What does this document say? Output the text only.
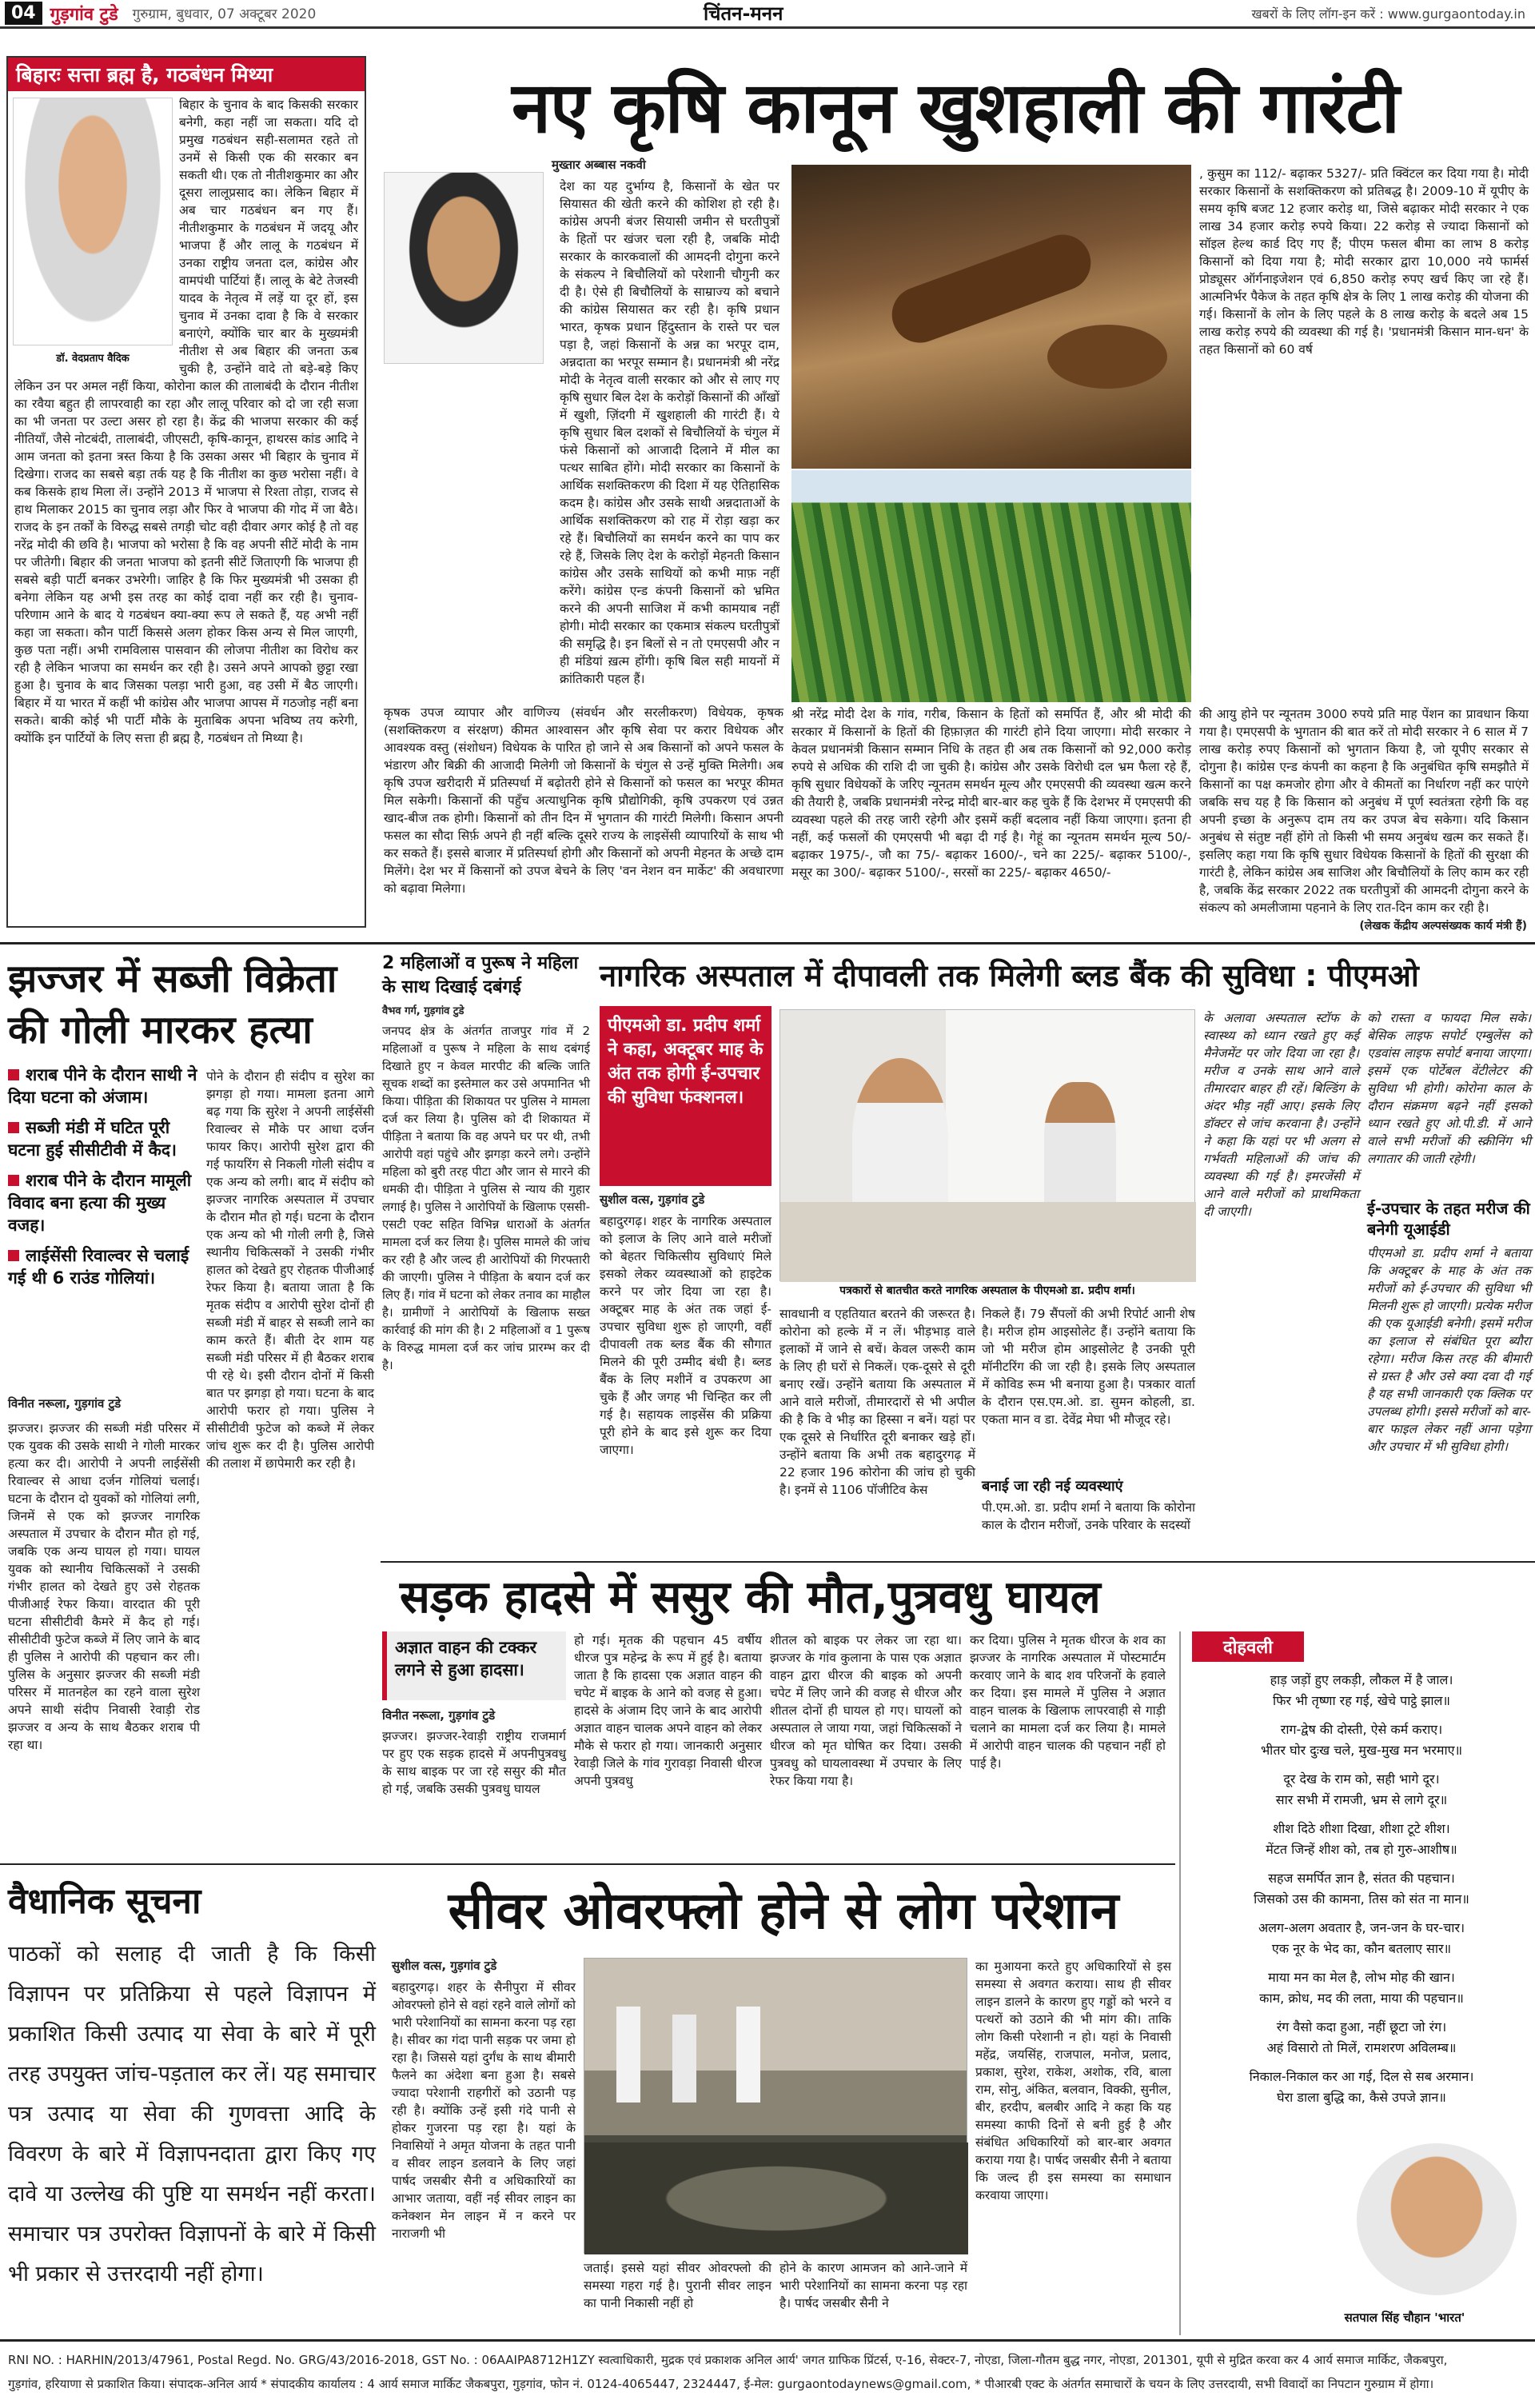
04 गुड़गांव टुडे गुरुग्राम, बुधवार, 07 अक्टूबर 2020	चिंतन-मनन	खबरों के लिए लॉग-इन करें : www.gurgaontoday.in
बिहारः सत्ता ब्रह्म है, गठबंधन मिथ्या
डॉ. वेदप्रताप वैदिक

बिहार के चुनाव के बाद किसकी सरकार बनेगी, कहा नहीं जा सकता। यदि दो प्रमुख गठबंधन सही-सलामत रहते तो उनमें से किसी एक की सरकार बन सकती थी। एक तो नीतीशकुमार का और दूसरा लालूप्रसाद का। लेकिन बिहार में अब चार गठबंधन बन गए हैं। नीतीशकुमार के गठबंधन में जदयू और भाजपा हैं और लालू के गठबंधन में उनका राष्ट्रीय जनता दल, कांग्रेस और वामपंथी पार्टियां हैं। लालू के बेटे तेजस्वी यादव के नेतृत्व में लड़ें या दूर हों, इस चुनाव में उनका दावा है कि वे सरकार बनाएंगे, क्योंकि चार बार के मुख्यमंत्री नीतीश से अब बिहार की जनता ऊब चुकी है, उन्होंने वादे तो बड़े-बड़े किए लेकिन उन पर अमल नहीं किया, कोरोना काल की तालाबंदी के दौरान नीतीश का रवैया बहुत ही लापरवाही का रहा और लालू परिवार को दो जा रही सजा का भी जनता पर उल्टा असर हो रहा है। केंद्र की भाजपा सरकार की कई नीतियाँ, जैसे नोटबंदी, तालाबंदी, जीएसटी, कृषि-कानून, हाथरस कांड आदि ने आम जनता को इतना त्रस्त किया है कि उसका असर भी बिहार के चुनाव में दिखेगा। राजद का सबसे बड़ा तर्क यह है कि नीतीश का कुछ भरोसा नहीं। वे कब किसके हाथ मिला लें। उन्होंने 2013 में भाजपा से रिश्ता तोड़ा, राजद से हाथ मिलाकर 2015 का चुनाव लड़ा और फिर वे भाजपा की गोद में जा बैठे। राजद के इन तर्कों के विरुद्ध सबसे तगड़ी चोट वही दीवार अगर कोई है तो वह नरेंद्र मोदी की छवि है। भाजपा को भरोसा है कि वह अपनी सीटें मोदी के नाम पर जीतेगी। बिहार की जनता भाजपा को इतनी सीटें जिताएगी कि भाजपा ही सबसे बड़ी पार्टी बनकर उभरेगी। जाहिर है कि फिर मुख्यमंत्री भी उसका ही बनेगा लेकिन यह अभी इस तरह का कोई दावा नहीं कर रही है। चुनाव-परिणाम आने के बाद ये गठबंधन क्या-क्या रूप ले सकते हैं, यह अभी नहीं कहा जा सकता। कौन पार्टी किससे अलग होकर किस अन्य से मिल जाएगी, कुछ पता नहीं। अभी रामविलास पासवान की लोजपा नीतीश का विरोध कर रही है लेकिन भाजपा का समर्थन कर रही है। उसने अपने आपको छुट्टा रखा हुआ है। चुनाव के बाद जिसका पलड़ा भारी हुआ, वह उसी में बैठ जाएगी। बिहार में या भारत में कहीं भी कांग्रेस और भाजपा आपस में गठजोड़ नहीं बना सकते। बाकी कोई भी पार्टी मौके के मुताबिक अपना भविष्य तय करेगी, क्योंकि इन पार्टियों के लिए सत्ता ही ब्रह्म है, गठबंधन तो मिथ्या है।

नए कृषि कानून खुशहाली की गारंटी
मुख्तार अब्बास नकवी

देश का यह दुर्भाग्य है, किसानों के खेत पर सियासत की खेती करने की कोशिश हो रही है। कांग्रेस अपनी बंजर सियासी जमीन से घरतीपुत्रों के हितों पर खंजर चला रही है, जबकि मोदी सरकार के कारकवालों की आमदनी दोगुना करने के संकल्प ने बिचौलियों को परेशानी चौगुनी कर दी है। ऐसे ही बिचौलियों के साम्राज्य को बचाने की कांग्रेस सियासत कर रही है। कृषि प्रधान भारत, कृषक प्रधान हिंदुस्तान के रास्ते पर चल पड़ा है, जहां किसानों के अन्न का भरपूर दाम, अन्नदाता का भरपूर सम्मान है। प्रधानमंत्री श्री नरेंद्र मोदी के नेतृत्व वाली सरकार को और से लाए गए कृषि सुधार बिल देश के करोड़ों किसानों की आँखों में खुशी, ज़िंदगी में खुशहाली की गारंटी हैं। ये कृषि सुधार बिल दशकों से बिचौलियों के चंगुल में फंसे किसानों को आजादी दिलाने में मील का पत्थर साबित होंगे। मोदी सरकार का किसानों के आर्थिक सशक्तिकरण की दिशा में यह ऐतिहासिक कदम है। कांग्रेस और उसके साथी अन्नदाताओं के आर्थिक सशक्तिकरण को राह में रोड़ा खड़ा कर रहे हैं। बिचौलियों का समर्थन करने का पाप कर रहे हैं, जिसके लिए देश के करोड़ों मेहनती किसान कांग्रेस और उसके साथियों को कभी माफ़ नहीं करेंगे। कांग्रेस एन्ड कंपनी किसानों को भ्रमित करने की अपनी साजिश में कभी कामयाब नहीं होगी। मोदी सरकार का एकमात्र संकल्प घरतीपुत्रों की समृद्धि है। इन बिलों से न तो एमएसपी और न ही मंडियां ख़त्म होंगी। कृषि बिल सही मायनों में क्रांतिकारी पहल हैं।

, कुसुम का 112/- बढ़ाकर 5327/- प्रति क्विंटल कर दिया गया है। मोदी सरकार किसानों के सशक्तिकरण को प्रतिबद्ध है। 2009-10 में यूपीए के समय कृषि बजट 12 हजार करोड़ था, जिसे बढ़ाकर मोदी सरकार ने एक लाख 34 हजार करोड़ रुपये किया। 22 करोड़ से ज्यादा किसानों को सॉइल हेल्थ कार्ड दिए गए हैं; पीएम फसल बीमा का लाभ 8 करोड़ किसानों को दिया गया है; मोदी सरकार द्वारा 10,000 नये फार्मर्स प्रोड्यूसर ऑर्गनाइजेशन एवं 6,850 करोड़ रुपए खर्च किए जा रहे हैं। आत्मनिर्भर पैकेज के तहत कृषि क्षेत्र के लिए 1 लाख करोड़ की योजना की गई। किसानों के लोन के लिए पहले के 8 लाख करोड़ के बदले अब 15 लाख करोड़ रुपये की व्यवस्था की गई है। 'प्रधानमंत्री किसान मान-धन' के तहत किसानों को 60 वर्ष

कृषक उपज व्यापार और वाणिज्य (संवर्धन और सरलीकरण) विधेयक, कृषक (सशक्तिकरण व संरक्षण) कीमत आश्वासन और कृषि सेवा पर करार विधेयक और आवश्यक वस्तु (संशोधन) विधेयक के पारित हो जाने से अब किसानों को अपने फसल के भंडारण और बिक्री की आजादी मिलेगी जो किसानों के चंगुल से उन्हें मुक्ति मिलेगी। अब कृषि उपज खरीदारी में प्रतिस्पर्धा में बढ़ोतरी होने से किसानों को फसल का भरपूर कीमत मिल सकेगी। किसानों की पहुँच अत्याधुनिक कृषि प्रौद्योगिकी, कृषि उपकरण एवं उन्नत खाद-बीज तक होगी। किसानों को तीन दिन में भुगतान की गारंटी मिलेगी। किसान अपनी फसल का सौदा सिर्फ़ अपने ही नहीं बल्कि दूसरे राज्य के लाइसेंसी व्यापारियों के साथ भी कर सकते हैं। इससे बाजार में प्रतिस्पर्धा होगी और किसानों को अपनी मेहनत के अच्छे दाम मिलेंगे। देश भर में किसानों को उपज बेचने के लिए 'वन नेशन वन मार्केट' की अवधारणा को बढ़ावा मिलेगा।

श्री नरेंद्र मोदी देश के गांव, गरीब, किसान के हितों को समर्पित हैं, और श्री मोदी की सरकार में किसानों के हितों की हिफ़ाज़त की गारंटी होने दिया जाएगा। मोदी सरकार ने केवल प्रधानमंत्री किसान सम्मान निधि के तहत ही अब तक किसानों को 92,000 करोड़ रुपये से अधिक की राशि दी जा चुकी है। कांग्रेस और उसके विरोधी दल भ्रम फैला रहे हैं, कृषि सुधार विधेयकों के जरिए न्यूनतम समर्थन मूल्य और एमएसपी की व्यवस्था खत्म करने की तैयारी है, जबकि प्रधानमंत्री नरेन्द्र मोदी बार-बार कह चुके हैं कि देशभर में एमएसपी की व्यवस्था पहले की तरह जारी रहेगी और इसमें कहीं बदलाव नहीं किया जाएगा। इतना ही नहीं, कई फसलों की एमएसपी भी बढ़ा दी गई है। गेहूं का न्यूनतम समर्थन मूल्य 50/- बढ़ाकर 1975/-, जौ का 75/- बढ़ाकर 1600/-, चने का 225/- बढ़ाकर 5100/-, मसूर का 300/- बढ़ाकर 5100/-, सरसों का 225/- बढ़ाकर 4650/-

की आयु होने पर न्यूनतम 3000 रुपये प्रति माह पेंशन का प्रावधान किया गया है। एमएसपी के भुगतान की बात करें तो मोदी सरकार ने 6 साल में 7 लाख करोड़ रुपए किसानों को भुगतान किया है, जो यूपीए सरकार से दोगुना है। कांग्रेस एन्ड कंपनी का कहना है कि अनुबंधित कृषि समझौते में किसानों का पक्ष कमजोर होगा और वे कीमतों का निर्धारण नहीं कर पाएंगे जबकि सच यह है कि किसान को अनुबंध में पूर्ण स्वतंत्रता रहेगी कि वह अपनी इच्छा के अनुरूप दाम तय कर उपज बेच सकेगा। यदि किसान अनुबंध से संतुष्ट नहीं होंगे तो किसी भी समय अनुबंध खत्म कर सकते हैं। इसलिए कहा गया कि कृषि सुधार विधेयक किसानों के हितों की सुरक्षा की गारंटी है, लेकिन कांग्रेस अब साजिश और बिचौलियों के लिए काम कर रही है, जबकि केंद्र सरकार 2022 तक घरतीपुत्रों की आमदनी दोगुना करने के संकल्प को अमलीजामा पहनाने के लिए रात-दिन काम कर रही है।

(लेखक केंद्रीय अल्पसंख्यक कार्य मंत्री हैं)
झज्जर में सब्जी विक्रेता
की गोली मारकर हत्या
शराब पीने के दौरान साथी ने दिया घटना को अंजाम।
सब्जी मंडी में घटित पूरी घटना हुई सीसीटीवी में कैद।
शराब पीने के दौरान मामूली विवाद बना हत्या की मुख्य वजह।
लाईसेंसी रिवाल्वर से चलाई गई थी 6 राउंड गोलियां।
विनीत नरूला, गुड़गांव टुडे

झज्जर। झज्जर की सब्जी मंडी परिसर में एक युवक की उसके साथी ने गोली मारकर हत्या कर दी। आरोपी ने अपनी लाईसेंसी रिवाल्वर से आधा दर्जन गोलियां चलाई। घटना के दौरान दो युवकों को गोलियां लगी, जिनमें से एक को झज्जर नागरिक अस्पताल में उपचार के दौरान मौत हो गई, जबकि एक अन्य घायल हो गया। घायल युवक को स्थानीय चिकित्सकों ने उसकी गंभीर हालत को देखते हुए उसे रोहतक पीजीआई रेफर किया। वारदात की पूरी घटना सीसीटीवी कैमरे में कैद हो गई। सीसीटीवी फुटेज कब्जे में लिए जाने के बाद ही पुलिस ने आरोपी की पहचान कर ली। पुलिस के अनुसार झज्जर की सब्जी मंडी परिसर में मातनहेल का रहने वाला सुरेश अपने साथी संदीप निवासी रेवाड़ी रोड झज्जर व अन्य के साथ बैठकर शराब पी रहा था।

पोने के दौरान ही संदीप व सुरेश का झगड़ा हो गया। मामला इतना आगे बढ़ गया कि सुरेश ने अपनी लाईसेंसी रिवाल्वर से मौके पर आधा दर्जन फायर किए। आरोपी सुरेश द्वारा की गई फायरिंग से निकली गोली संदीप व एक अन्य को लगी। बाद में संदीप को झज्जर नागरिक अस्पताल में उपचार के दौरान मौत हो गई। घटना के दौरान एक अन्य को भी गोली लगी है, जिसे स्थानीय चिकित्सकों ने उसकी गंभीर हालत को देखते हुए रोहतक पीजीआई रेफर किया है। बताया जाता है कि मृतक संदीप व आरोपी सुरेश दोनों ही सब्जी मंडी में बाहर से सब्जी लाने का काम करते हैं। बीती देर शाम यह सब्जी मंडी परिसर में ही बैठकर शराब पी रहे थे। इसी दौरान दोनों में किसी बात पर झगड़ा हो गया। घटना के बाद आरोपी फरार हो गया। पुलिस ने सीसीटीवी फुटेज को कब्जे में लेकर जांच शुरू कर दी है। पुलिस आरोपी की तलाश में छापेमारी कर रही है।

2 महिलाओं व पुरूष ने महिला के साथ दिखाई दबंगई
वैभव गर्ग, गुड़गांव टुडे

जनपद क्षेत्र के अंतर्गत ताजपुर गांव में 2 महिलाओं व पुरूष ने महिला के साथ दबंगई दिखाते हुए न केवल मारपीट की बल्कि जाति सूचक शब्दों का इस्तेमाल कर उसे अपमानित भी किया। पीड़िता की शिकायत पर पुलिस ने मामला दर्ज कर लिया है। पुलिस को दी शिकायत में पीड़िता ने बताया कि वह अपने घर पर थी, तभी आरोपी वहां पहुंचे और झगड़ा करने लगे। उन्होंने महिला को बुरी तरह पीटा और जान से मारने की धमकी दी। पीड़िता ने पुलिस से न्याय की गुहार लगाई है। पुलिस ने आरोपियों के खिलाफ एससी-एसटी एक्ट सहित विभिन्न धाराओं के अंतर्गत मामला दर्ज कर लिया है। पुलिस मामले की जांच कर रही है और जल्द ही आरोपियों की गिरफ्तारी की जाएगी। पुलिस ने पीड़िता के बयान दर्ज कर लिए हैं। गांव में घटना को लेकर तनाव का माहौल है। ग्रामीणों ने आरोपियों के खिलाफ सख्त कार्रवाई की मांग की है। 2 महिलाओं व 1 पुरूष के विरुद्ध मामला दर्ज कर जांच प्रारम्भ कर दी है।

नागरिक अस्पताल में दीपावली तक मिलेगी ब्लड बैंक की सुविधा : पीएमओ
पीएमओ डा. प्रदीप शर्मा ने कहा, अक्टूबर माह के अंत तक होगी ई-उपचार की सुविधा फंक्शनल।
सुशील वत्स, गुड़गांव टुडे

बहादुरगढ़। शहर के नागरिक अस्पताल को इलाज के लिए आने वाले मरीजों को बेहतर चिकित्सीय सुविधाएं मिले इसको लेकर व्यवस्थाओं को हाइटेक करने पर जोर दिया जा रहा है। अक्टूबर माह के अंत तक जहां ई-उपचार सुविधा शुरू हो जाएगी, वहीं दीपावली तक ब्लड बैंक की सौगात मिलने की पूरी उम्मीद बंधी है। ब्लड बैंक के लिए मशीनें व उपकरण आ चुके हैं और जगह भी चिन्हित कर ली गई है। सहायक लाइसेंस की प्रक्रिया पूरी होने के बाद इसे शुरू कर दिया जाएगा।

पत्रकारों से बातचीत करते नागरिक अस्पताल के पीएमओ डा. प्रदीप शर्मा।

सावधानी व एहतियात बरतने की जरूरत है। कोरोना को हल्के में न लें। भीड़भाड़ वाले इलाकों में जाने से बचें। केवल जरूरी काम के लिए ही घरों से निकलें। एक-दूसरे से दूरी बनाए रखें। उन्होंने बताया कि अस्पताल में आने वाले मरीजों, तीमारदारों से भी अपील की है कि वे भीड़ का हिस्सा न बनें। यहां पर एक दूसरे से निर्धारित दूरी बनाकर खड़े हों। उन्होंने बताया कि अभी तक बहादुरगढ़ में 22 हजार 196 कोरोना की जांच हो चुकी है। इनमें से 1106 पॉजीटिव केस

निकले हैं। 79 सैंपलों की अभी रिपोर्ट आनी शेष है। मरीज होम आइसोलेट हैं। उन्होंने बताया कि जो भी मरीज होम आइसोलेट है उनकी पूरी मॉनीटरिंग की जा रही है। इसके लिए अस्पताल में कोविड रूम भी बनाया हुआ है। पत्रकार वार्ता के दौरान एस.एम.ओ. डा. सुमन कोहली, डा. एकता मान व डा. देवेंद्र मेघा भी मौजूद रहे।

बनाई जा रही नई व्यवस्थाएं

पी.एम.ओ. डा. प्रदीप शर्मा ने बताया कि कोरोना काल के दौरान मरीजों, उनके परिवार के सदस्यों

के अलावा अस्पताल स्टॉफ के स्वास्थ्य को ध्यान रखते हुए कई मैनेजमेंट पर जोर दिया जा रहा है। मरीज व उनके साथ आने वाले तीमारदार बाहर ही रहें। बिल्डिंग के अंदर भीड़ नहीं आए। इसके लिए डॉक्टर से जांच करवाना है। उन्होंने ने कहा कि यहां पर भी अलग से गर्भवती महिलाओं की जांच की व्यवस्था की गई है। इमरजेंसी में आने वाले मरीजों को प्राथमिकता दी जाएगी।

को रास्ता व फायदा मिल सके। बेसिक लाइफ सपोर्ट एम्बुलेंस को एडवांस लाइफ सपोर्ट बनाया जाएगा। इसमें एक पोर्टेबल वेंटीलेटर की सुविधा भी होगी। कोरोना काल के दौरान संक्रमण बढ़ने नहीं इसको ध्यान रखते हुए ओ.पी.डी. में आने वाले सभी मरीजों की स्क्रीनिंग भी लगातार की जाती रहेगी।

ई-उपचार के तहत मरीज की बनेगी यूआईडी

पीएमओ डा. प्रदीप शर्मा ने बताया कि अक्टूबर के माह के अंत तक मरीजों को ई-उपचार की सुविधा भी मिलनी शुरू हो जाएगी। प्रत्येक मरीज की एक यूआईडी बनेगी। इसमें मरीज का इलाज से संबंधित पूरा ब्यौरा रहेगा। मरीज किस तरह की बीमारी से ग्रस्त है और उसे क्या दवा दी गई है यह सभी जानकारी एक क्लिक पर उपलब्ध होगी। इससे मरीजों को बार-बार फाइल लेकर नहीं आना पड़ेगा और उपचार में भी सुविधा होगी।

सड़क हादसे में ससुर की मौत,पुत्रवधु घायल
अज्ञात वाहन की टक्कर लगने से हुआ हादसा।
विनीत नरूला, गुड़गांव टुडे

झज्जर। झज्जर-रेवाड़ी राष्ट्रीय राजमार्ग पर हुए एक सड़क हादसे में अपनीपुत्रवधु के साथ बाइक पर जा रहे ससुर की मौत हो गई, जबकि उसकी पुत्रवधु घायल

हो गई। मृतक की पहचान 45 वर्षीय धीरज पुत्र महेन्द्र के रूप में हुई है। बताया जाता है कि हादसा एक अज्ञात वाहन की चपेट में बाइक के आने को वजह से हुआ। हादसे के अंजाम दिए जाने के बाद आरोपी अज्ञात वाहन चालक अपने वाहन को लेकर मौके से फरार हो गया। जानकारी अनुसार रेवाड़ी जिले के गांव गुरावड़ा निवासी धीरज अपनी पुत्रवधु

शीतल को बाइक पर लेकर जा रहा था। झज्जर के गांव कुलाना के पास एक अज्ञात वाहन द्वारा धीरज की बाइक को अपनी चपेट में लिए जाने की वजह से धीरज और शीतल दोनों ही घायल हो गए। घायलों को अस्पताल ले जाया गया, जहां चिकित्सकों ने धीरज को मृत घोषित कर दिया। उसकी पुत्रवधु को घायलावस्था में उपचार के लिए रेफर किया गया है।

कर दिया। पुलिस ने मृतक धीरज के शव का झज्जर के नागरिक अस्पताल में पोस्टमार्टम करवाए जाने के बाद शव परिजनों के हवाले कर दिया। इस मामले में पुलिस ने अज्ञात वाहन चालक के खिलाफ लापरवाही से गाड़ी चलाने का मामला दर्ज कर लिया है। मामले में आरोपी वाहन चालक की पहचान नहीं हो पाई है।

दोहवली
हाड़ जड़ों हुए लकड़ी, लौकल में है जाल।
फिर भी तृष्णा रह गई, खेचे पाट्ठे झाल॥
राग-द्वेष की दोस्ती, ऐसे कर्म कराए।
भीतर घोर दुःख चले, मुख-मुख मन भरमाए॥
दूर देख के राम को, सही भागे दूर।
सार सभी में रामजी, भ्रम से लागे दूर॥
शीश दिठे शीशा दिखा, शीशा टूटे शीश।
मेंटत जिन्हें शीश को, तब हो गुरु-आशीष॥
सहज समर्पित ज्ञान है, संतत की पहचान।
जिसको उस की कामना, तिस को संत ना मान॥
अलग-अलग अवतार है, जन-जन के घर-चार।
एक नूर के भेद का, कौन बतलाए सार॥
माया मन का मेल है, लोभ मोह की खान।
काम, क्रोध, मद की लता, माया की पहचान॥
रंग वैसो कदा हुआ, नहीं छूटा जो रंग।
अहं विसारो तो मिलें, रामशरण अविलम्ब॥
निकाल-निकाल कर आ गई, दिल से सब अरमान।
घेरा डाला बुद्धि का, कैसे उपजे ज्ञान॥
सतपाल सिंह चौहान 'भारत'
वैधानिक सूचना

पाठकों को सलाह दी जाती है कि किसी विज्ञापन पर प्रतिक्रिया से पहले विज्ञापन में प्रकाशित किसी उत्पाद या सेवा के बारे में पूरी तरह उपयुक्त जांच-पड़ताल कर लें। यह समाचार पत्र उत्पाद या सेवा की गुणवत्ता आदि के विवरण के बारे में विज्ञापनदाता द्वारा किए गए दावे या उल्लेख की पुष्टि या समर्थन नहीं करता। समाचार पत्र उपरोक्त विज्ञापनों के बारे में किसी भी प्रकार से उत्तरदायी नहीं होगा।

सीवर ओवरफ्लो होने से लोग परेशान
सुशील वत्स, गुड़गांव टुडे

बहादुरगढ़। शहर के सैनीपुरा में सीवर ओवरफ्लो होने से वहां रहने वाले लोगों को भारी परेशानियों का सामना करना पड़ रहा है। सीवर का गंदा पानी सड़क पर जमा हो रहा है। जिससे यहां दुर्गंध के साथ बीमारी फैलने का अंदेशा बना हुआ है। सबसे ज्यादा परेशानी राहगीरों को उठानी पड़ रही है। क्योंकि उन्हें इसी गंदे पानी से होकर गुजरना पड़ रहा है। यहां के निवासियों ने अमृत योजना के तहत पानी व सीवर लाइन डलवाने के लिए जहां पार्षद जसबीर सैनी व अधिकारियों का आभार जताया, वहीं नई सीवर लाइन का कनेक्शन मेन लाइन में न करने पर नाराजगी भी

जताई। इससे यहां सीवर ओवरफ्लो की समस्या गहरा गई है। पुरानी सीवर लाइन का पानी निकासी नहीं हो

होने के कारण आमजन को आने-जाने में भारी परेशानियों का सामना करना पड़ रहा है। पार्षद जसबीर सैनी ने

का मुआयना करते हुए अधिकारियों से इस समस्या से अवगत कराया। साथ ही सीवर लाइन डालने के कारण हुए गड्डों को भरने व पत्थरों को उठाने की भी मांग की। ताकि लोग किसी परेशानी न हो। यहां के निवासी महेंद्र, जयसिंह, राजपाल, मनोज, प्रलाद, प्रकाश, सुरेश, राकेश, अशोक, रवि, बाला राम, सोनु, अंकित, बलवान, विक्की, सुनील, बीर, हरदीप, बलबीर आदि ने कहा कि यह समस्या काफी दिनों से बनी हुई है और संबंधित अधिकारियों को बार-बार अवगत कराया गया है। पार्षद जसबीर सैनी ने बताया कि जल्द ही इस समस्या का समाधान करवाया जाएगा।

RNI NO. : HARHIN/2013/47961, Postal Regd. No. GRG/43/2016-2018, GST No. : 06AAIPA8712H1ZY स्वत्वाधिकारी, मुद्रक एवं प्रकाशक अनिल आर्य' जगत ग्राफिक प्रिंटर्स, ए-16, सेक्टर-7, नोएडा, जिला-गौतम बुद्ध नगर, नोएडा, 201301, यूपी से मुद्रित करवा कर 4 आर्य समाज मार्किट, जैकबपुरा,
गुड़गांव, हरियाणा से प्रकाशित किया। संपादक-अनिल आर्य * संपादकीय कार्यालय : 4 आर्य समाज मार्किट जैकबपुरा, गुड़गांव, फोन नं. 0124-4065447, 2324447, ई-मेल: gurgaontodaynews@gmail.com, * पीआरबी एक्ट के अंतर्गत समाचारों के चयन के लिए उत्तरदायी, सभी विवादों का निपटान गुरुग्राम में होगा।
